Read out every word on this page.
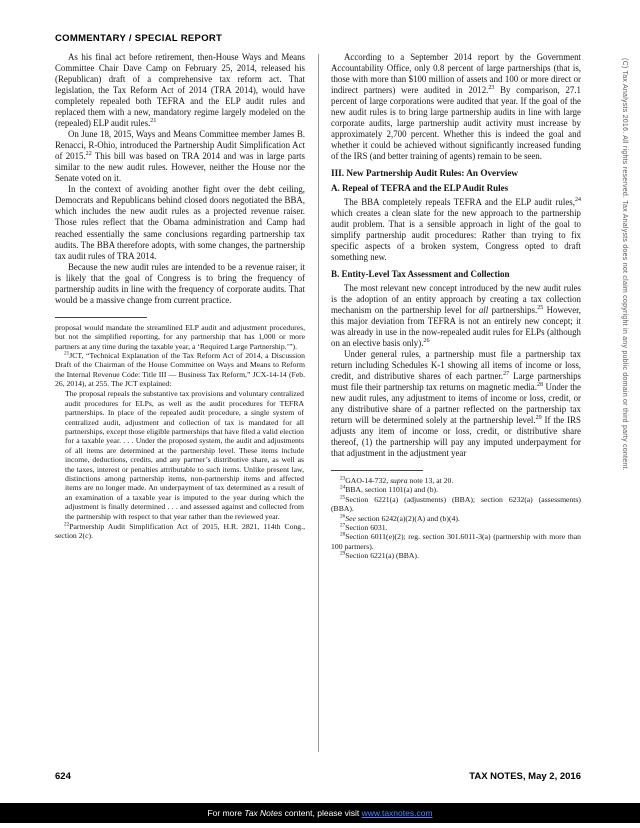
COMMENTARY / SPECIAL REPORT

As his final act before retirement, then-House Ways and Means Committee Chair Dave Camp on February 25, 2014, released his (Republican) draft of a comprehensive tax reform act. That legislation, the Tax Reform Act of 2014 (TRA 2014), would have completely repealed both TEFRA and the ELP audit rules and replaced them with a new, mandatory regime largely modeled on the (repealed) ELP audit rules.$^{21}$

On June 18, 2015, Ways and Means Committee member James B. Renacci, R-Ohio, introduced the Partnership Audit Simplification Act of 2015.22 This bill was based on TRA 2014 and was in large parts similar to the new audit rules. However, neither the House nor the Senate voted on it.

In the context of avoiding another fight over the debt ceiling, Democrats and Republicans behind closed doors negotiated the BBA, which includes the new audit rules as a projected revenue raiser. Those rules reflect that the Obama administration and Camp had reached essentially the same conclusions regarding partnership tax audits. The BBA therefore adopts, with some changes, the partnership tax audit rules of TRA 2014.

Because the new audit rules are intended to be a revenue raiser, it is likely that the goal of Congress is to bring the frequency of partnership audits in line with the frequency of corporate audits. That would be a massive change from current practice.

proposal would mandate the streamlined ELP audit and adjustment procedures, but not the simplified reporting, for any partnership that has 1,000 or more partners at any time during the taxable year, a ‘Required Large Partnership.’”).

$^{21}$JCT, “Technical Explanation of the Tax Reform Act of 2014, a Discussion Draft of the Chairman of the House Committee on Ways and Means to Reform the Internal Revenue Code: Title III — Business Tax Reform,” JCX-14-14 (Feb. 26, 2014), at 255. The JCT explained:

The proposal repeals the substantive tax provisions and voluntary centralized audit procedures for ELPs, as well as the audit procedures for TEFRA partnerships. In place of the repealed audit procedure, a single system of centralized audit, adjustment and collection of tax is mandated for all partnerships, except those eligible partnerships that have filed a valid election for a taxable year. . . . Under the proposed system, the audit and adjustments of all items are determined at the partnership level. These items include income, deductions, credits, and any partner’s distributive share, as well as the taxes, interest or penalties attributable to such items. Unlike present law, distinctions among partnership items, non-partnership items and affected items are no longer made. An underpayment of tax determined as a result of an examination of a taxable year is imputed to the year during which the adjustment is finally determined . . . and assessed against and collected from the partnership with respect to that year rather than the reviewed year.

$^{22}$Partnership Audit Simplification Act of 2015, H.R. 2821, 114th Cong., section 2(c).

According to a September 2014 report by the Government Accountability Office, only 0.8 percent of large partnerships (that is, those with more than $100 million of assets and 100 or more direct or indirect partners) were audited in 2012.23 By comparison, 27.1 percent of large corporations were audited that year. If the goal of the new audit rules is to bring large partnership audits in line with large corporate audits, large partnership audit activity must increase by approximately 2,700 percent. Whether this is indeed the goal and whether it could be achieved without significantly increased funding of the IRS (and better training of agents) remain to be seen.

III. New Partnership Audit Rules: An Overview
A. Repeal of TEFRA and the ELP Audit Rules

The BBA completely repeals TEFRA and the ELP audit rules,$^{24}$ which creates a clean slate for the new approach to the partnership audit problem. That is a sensible approach in light of the goal to simplify partnership audit procedures: Rather than trying to fix specific aspects of a broken system, Congress opted to draft something new.

B. Entity-Level Tax Assessment and Collection

The most relevant new concept introduced by the new audit rules is the adoption of an entity approach by creating a tax collection mechanism on the partnership level for all partnerships.$^{25}$ However, this major deviation from TEFRA is not an entirely new concept; it was already in use in the now-repealed audit rules for ELPs (although on an elective basis only).$^{26}$

Under general rules, a partnership must file a partnership tax return including Schedules K-1 showing all items of income or loss, credit, and distributive shares of each partner.$^{27}$ Large partnerships must file their partnership tax returns on magnetic media.$^{28}$ Under the new audit rules, any adjustment to items of income or loss, credit, or any distributive share of a partner reflected on the partnership tax return will be determined solely at the partnership level.$^{29}$ If the IRS adjusts any item of income or loss, credit, or distributive share thereof, (1) the partnership will pay any imputed underpayment for that adjustment in the adjustment year

$^{23}$GAO-14-732, supra note 13, at 20.

$^{24}$BBA, section 1101(a) and (b).

$^{25}$Section 6221(a) (adjustments) (BBA); section 6232(a) (assessments) (BBA).

$^{26}$See section 6242(a)(2)(A) and (b)(4).

$^{27}$Section 6031.

$^{28}$Section 6011(e)(2); reg. section 301.6011-3(a) (partnership with more than 100 partners).

$^{29}$Section 6221(a) (BBA).

(C) Tax Analysts 2016. All rights reserved. Tax Analysts does not claim copyright in any public domain or third party content.
624	TAX NOTES, May 2, 2016
For more Tax Notes content, please visit www.taxnotes.com
